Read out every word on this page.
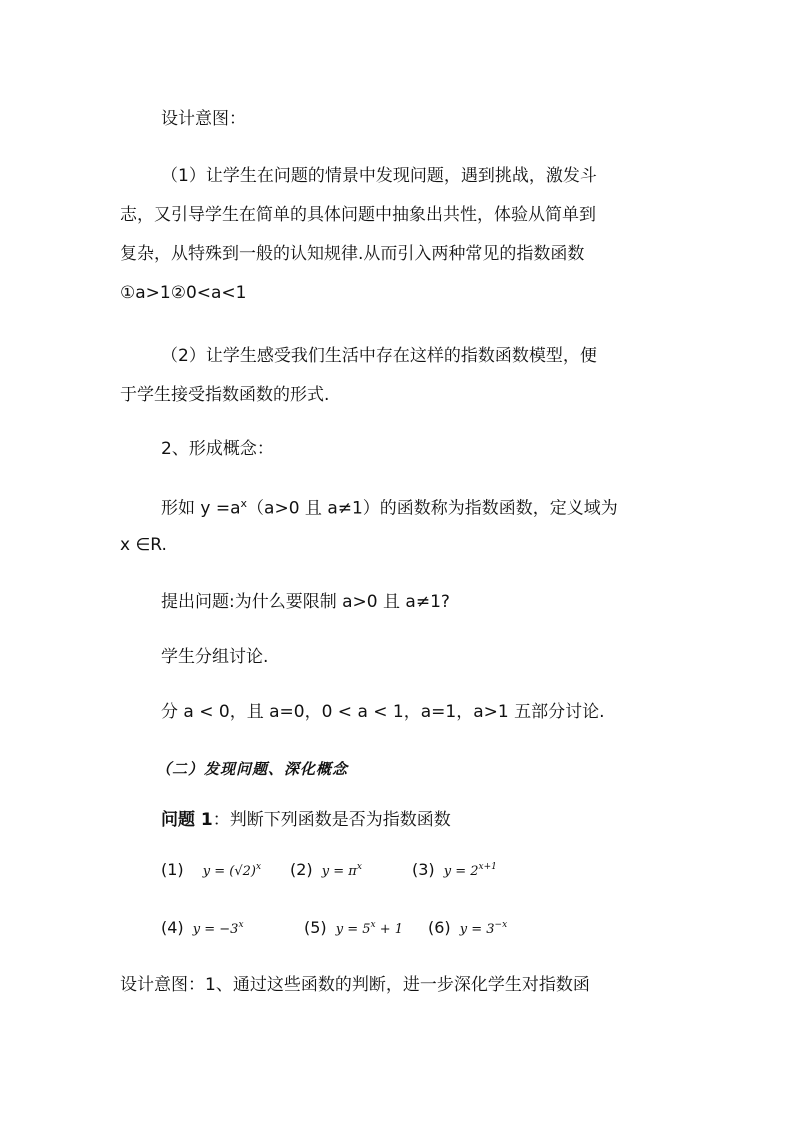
设计意图：
（1）让学生在问题的情景中发现问题，遇到挑战，激发斗
志，又引导学生在简单的具体问题中抽象出共性，体验从简单到
复杂，从特殊到一般的认知规律.从而引入两种常见的指数函数
①a>1②0<a<1
（2）让学生感受我们生活中存在这样的指数函数模型，便
于学生接受指数函数的形式.
2、形成概念：
形如 $y =a^x(a>0$ 且 a≠1）的函数称为指数函数，定义域为
x ∈R.
提出问题:为什么要限制 a>0 且 a≠1?
学生分组讨论.
分 a < 0，且 a=0，0 < a < 1，a=1，a>1 五部分讨论.
（二）发现问题、深化概念
问题 1：判断下列函数是否为指数函数
(1) $y = (√2)^x$ (2) $y = \pi^x$	(3) $y = 2^{x+1}$
(4) $y = -3^x$	(5) $y = 5^x + 1$ (6) $y = 3^{-x}$
设计意图：1、通过这些函数的判断，进一步深化学生对指数函
